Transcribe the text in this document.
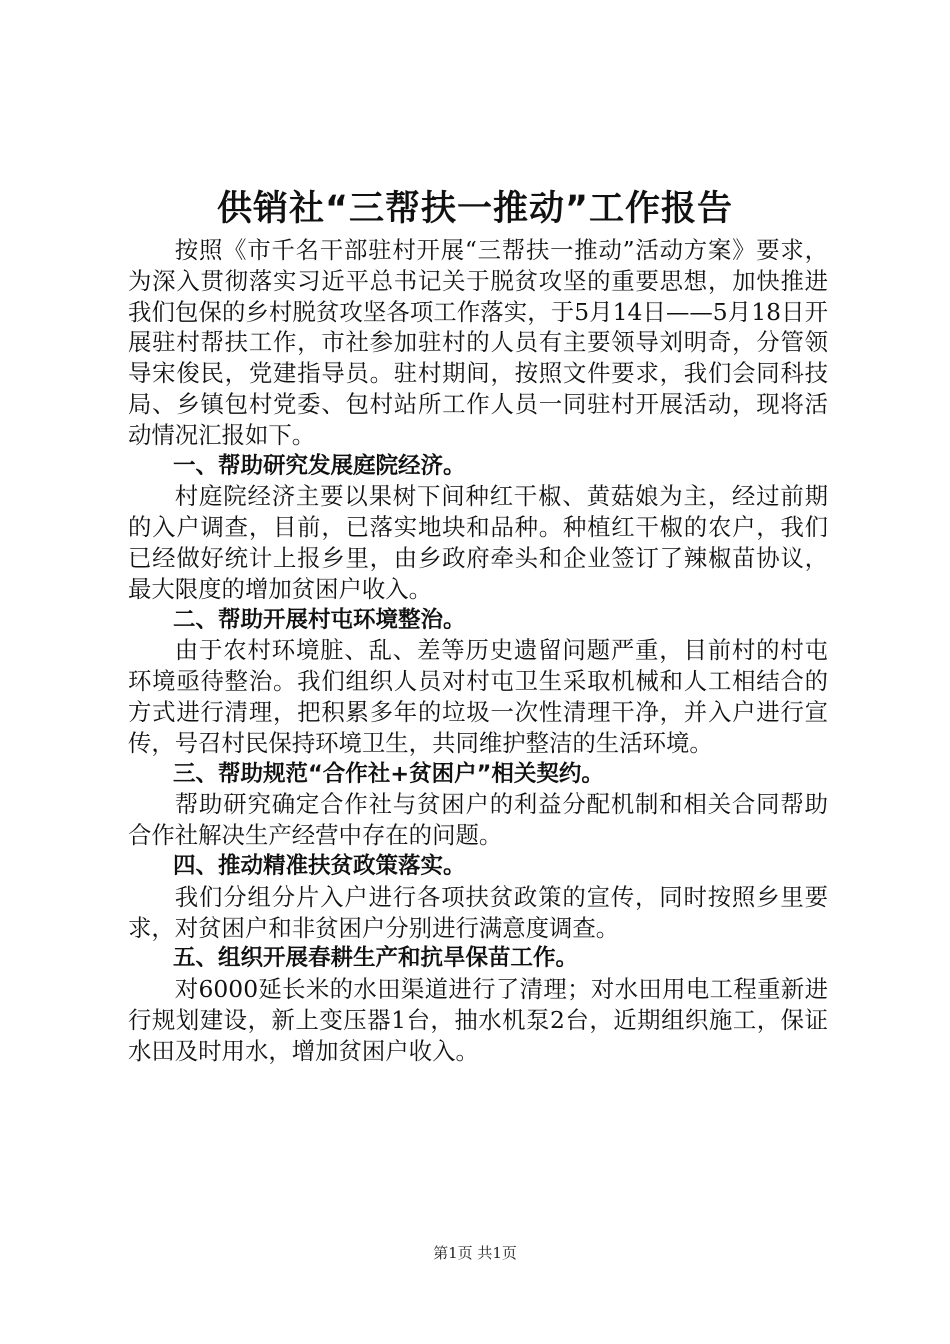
供销社“三帮扶一推动”工作报告

按照《市千名干部驻村开展“三帮扶一推动”活动方案》要求，为深入贯彻落实习近平总书记关于脱贫攻坚的重要思想，加快推进我们包保的乡村脱贫攻坚各项工作落实，于5月14日——5月18日开展驻村帮扶工作，市社参加驻村的人员有主要领导刘明奇，分管领导宋俊民，党建指导员。驻村期间，按照文件要求，我们会同科技局、乡镇包村党委、包村站所工作人员一同驻村开展活动，现将活动情况汇报如下。

一、帮助研究发展庭院经济。

村庭院经济主要以果树下间种红干椒、黄菇娘为主，经过前期的入户调查，目前，已落实地块和品种。种植红干椒的农户，我们已经做好统计上报乡里，由乡政府牵头和企业签订了辣椒苗协议，最大限度的增加贫困户收入。

二、帮助开展村屯环境整治。

由于农村环境脏、乱、差等历史遗留问题严重，目前村的村屯环境亟待整治。我们组织人员对村屯卫生采取机械和人工相结合的方式进行清理，把积累多年的垃圾一次性清理干净，并入户进行宣传，号召村民保持环境卫生，共同维护整洁的生活环境。

三、帮助规范“合作社+贫困户”相关契约。

帮助研究确定合作社与贫困户的利益分配机制和相关合同帮助合作社解决生产经营中存在的问题。

四、推动精准扶贫政策落实。

我们分组分片入户进行各项扶贫政策的宣传，同时按照乡里要求，对贫困户和非贫困户分别进行满意度调查。

五、组织开展春耕生产和抗旱保苗工作。

对6000延长米的水田渠道进行了清理；对水田用电工程重新进行规划建设，新上变压器1台，抽水机泵2台，近期组织施工，保证水田及时用水，增加贫困户收入。

第1页 共1页
